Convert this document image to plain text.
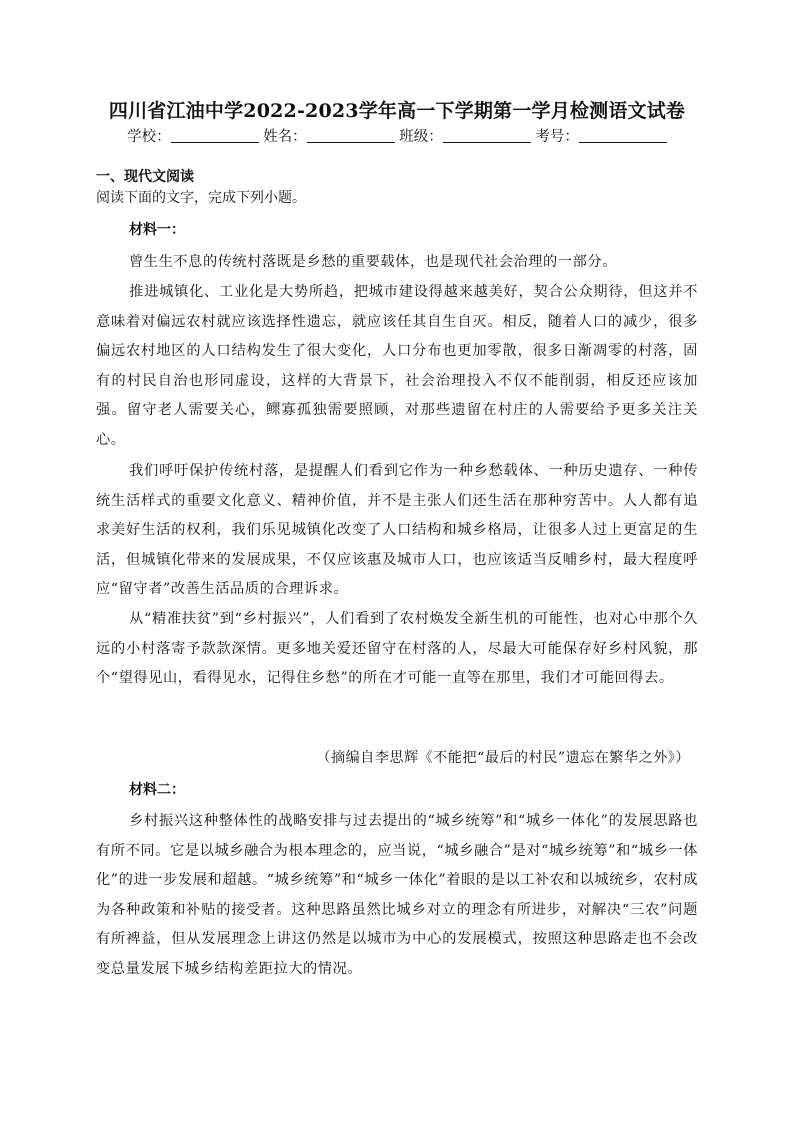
四川省江油中学2022-2023学年高一下学期第一学月检测语文试卷
学校：	姓名：	班级：	考号：
一、现代文阅读
阅读下面的文字，完成下列小题。
材料一：
曾生生不息的传统村落既是乡愁的重要载体，也是现代社会治理的一部分。
推进城镇化、工业化是大势所趋，把城市建设得越来越美好，契合公众期待，但这并不意味着对偏远农村就应该选择性遗忘，就应该任其自生自灭。相反，随着人口的减少，很多偏远农村地区的人口结构发生了很大变化，人口分布也更加零散，很多日渐凋零的村落，固有的村民自治也形同虚设，这样的大背景下，社会治理投入不仅不能削弱，相反还应该加强。留守老人需要关心，鳏寡孤独需要照顾，对那些遗留在村庄的人需要给予更多关注关心。
我们呼吁保护传统村落，是提醒人们看到它作为一种乡愁载体、一种历史遗存、一种传统生活样式的重要文化意义、精神价值，并不是主张人们还生活在那种穷苦中。人人都有追求美好生活的权利，我们乐见城镇化改变了人口结构和城乡格局，让很多人过上更富足的生活，但城镇化带来的发展成果，不仅应该惠及城市人口，也应该适当反哺乡村，最大程度呼应“留守者”改善生活品质的合理诉求。
从“精准扶贫”到“乡村振兴”，人们看到了农村焕发全新生机的可能性，也对心中那个久远的小村落寄予款款深情。更多地关爱还留守在村落的人，尽最大可能保存好乡村风貌，那个“望得见山，看得见水，记得住乡愁”的所在才可能一直等在那里，我们才可能回得去。
（摘编自李思辉《不能把“最后的村民”遗忘在繁华之外》）
材料二：
乡村振兴这种整体性的战略安排与过去提出的“城乡统筹”和“城乡一体化”的发展思路也有所不同。它是以城乡融合为根本理念的，应当说，“城乡融合”是对“城乡统筹”和“城乡一体化”的进一步发展和超越。“城乡统筹”和“城乡一体化”着眼的是以工补农和以城统乡，农村成为各种政策和补贴的接受者。这种思路虽然比城乡对立的理念有所进步，对解决“三农”问题有所裨益，但从发展理念上讲这仍然是以城市为中心的发展模式，按照这种思路走也不会改变总量发展下城乡结构差距拉大的情况。
